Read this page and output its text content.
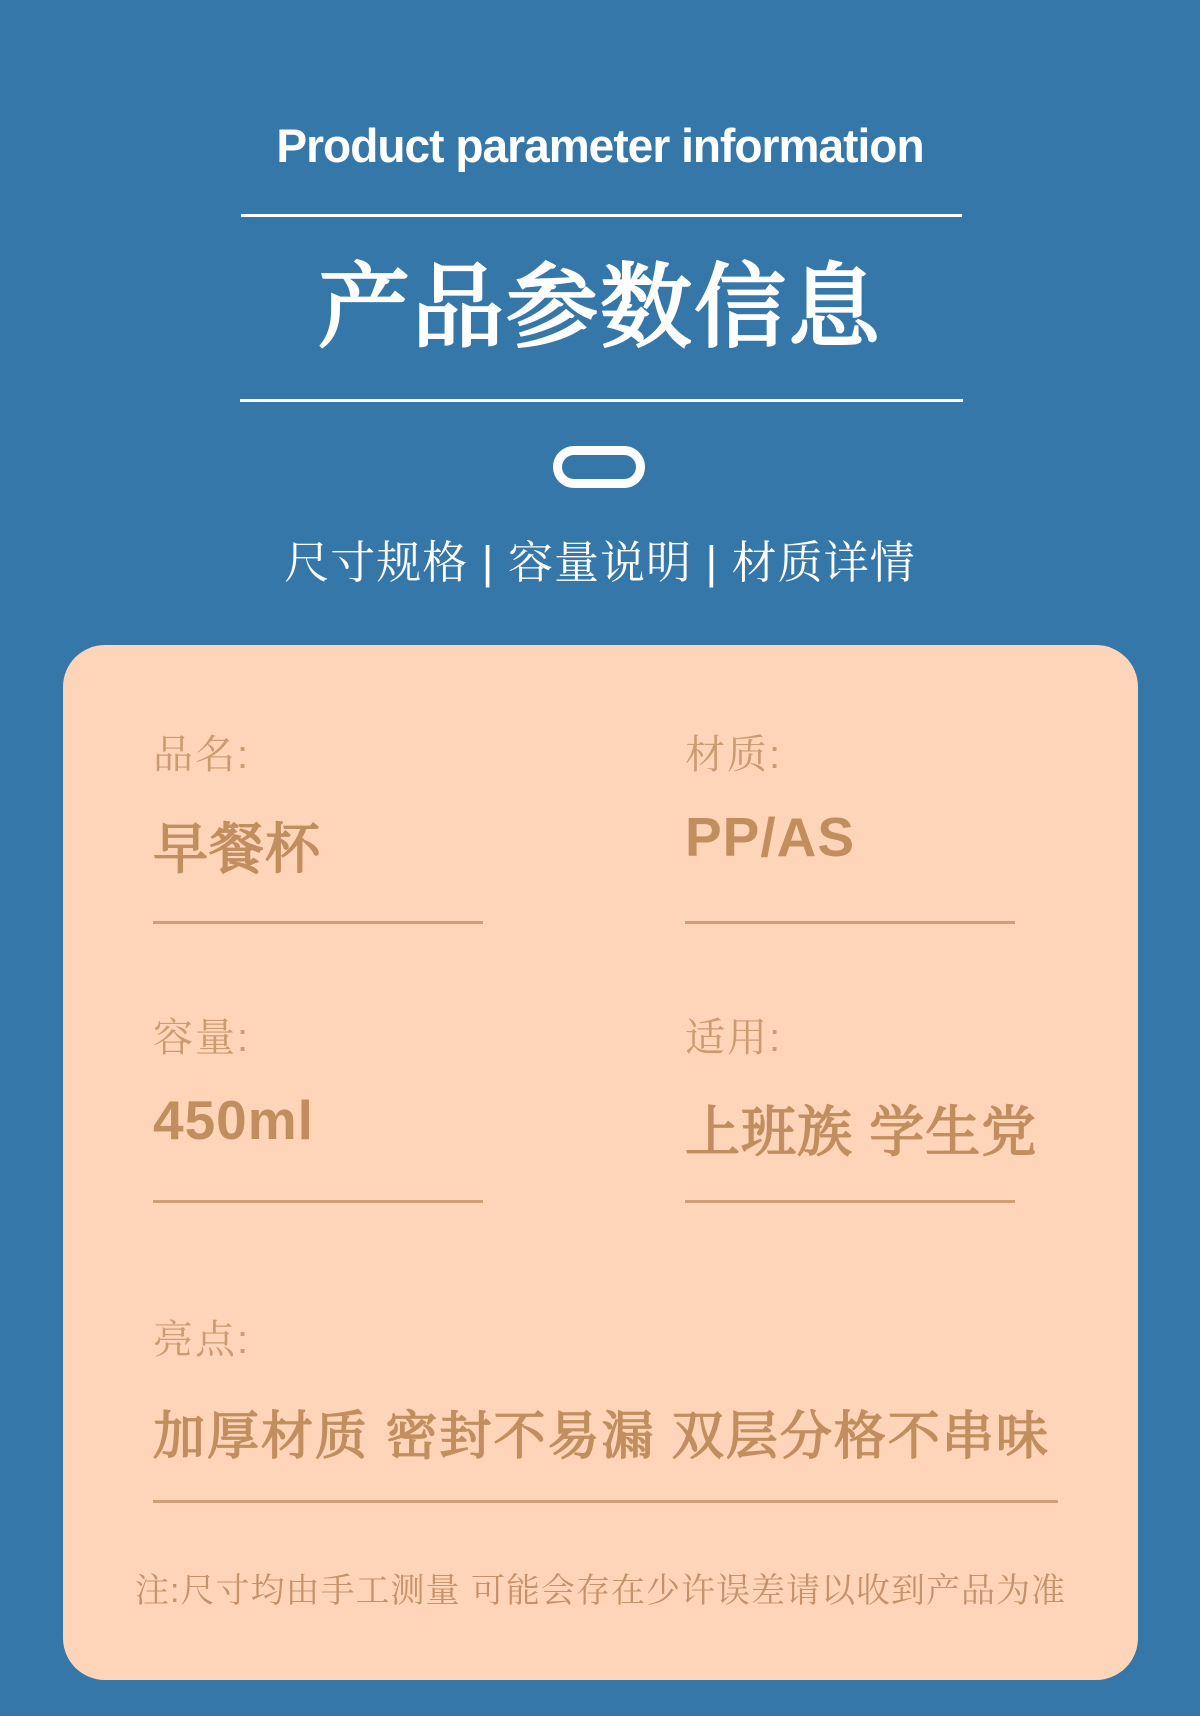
Product parameter information
产品参数信息
尺寸规格 | 容量说明 | 材质详情
品名:
早餐杯
材质:
PP/AS
容量:
450ml
适用:
上班族 学生党
亮点:
加厚材质 密封不易漏 双层分格不串味
注:尺寸均由手工测量 可能会存在少许误差请以收到产品为准
